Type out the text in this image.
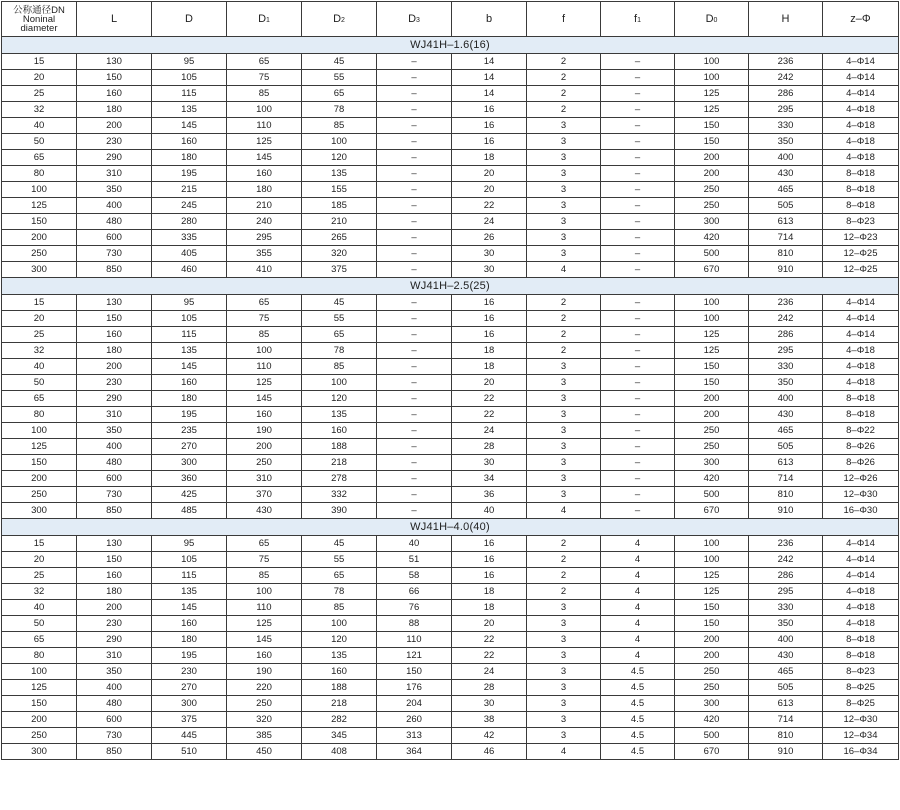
公称通径DN
Noninal
diameter	L	D	D1	D2	D3	b	f	f1	D0	H	z–Φ
WJ41H–1.6(16)											
15	130	95	65	45	–	14	2	–	100	236	4–Φ14
20	150	105	75	55	–	14	2	–	100	242	4–Φ14
25	160	115	85	65	–	14	2	–	125	286	4–Φ14
32	180	135	100	78	–	16	2	–	125	295	4–Φ18
40	200	145	110	85	–	16	3	–	150	330	4–Φ18
50	230	160	125	100	–	16	3	–	150	350	4–Φ18
65	290	180	145	120	–	18	3	–	200	400	4–Φ18
80	310	195	160	135	–	20	3	–	200	430	8–Φ18
100	350	215	180	155	–	20	3	–	250	465	8–Φ18
125	400	245	210	185	–	22	3	–	250	505	8–Φ18
150	480	280	240	210	–	24	3	–	300	613	8–Φ23
200	600	335	295	265	–	26	3	–	420	714	12–Φ23
250	730	405	355	320	–	30	3	–	500	810	12–Φ25
300	850	460	410	375	–	30	4	–	670	910	12–Φ25
WJ41H–2.5(25)											
15	130	95	65	45	–	16	2	–	100	236	4–Φ14
20	150	105	75	55	–	16	2	–	100	242	4–Φ14
25	160	115	85	65	–	16	2	–	125	286	4–Φ14
32	180	135	100	78	–	18	2	–	125	295	4–Φ18
40	200	145	110	85	–	18	3	–	150	330	4–Φ18
50	230	160	125	100	–	20	3	–	150	350	4–Φ18
65	290	180	145	120	–	22	3	–	200	400	8–Φ18
80	310	195	160	135	–	22	3	–	200	430	8–Φ18
100	350	235	190	160	–	24	3	–	250	465	8–Φ22
125	400	270	200	188	–	28	3	–	250	505	8–Φ26
150	480	300	250	218	–	30	3	–	300	613	8–Φ26
200	600	360	310	278	–	34	3	–	420	714	12–Φ26
250	730	425	370	332	–	36	3	–	500	810	12–Φ30
300	850	485	430	390	–	40	4	–	670	910	16–Φ30
WJ41H–4.0(40)											
15	130	95	65	45	40	16	2	4	100	236	4–Φ14
20	150	105	75	55	51	16	2	4	100	242	4–Φ14
25	160	115	85	65	58	16	2	4	125	286	4–Φ14
32	180	135	100	78	66	18	2	4	125	295	4–Φ18
40	200	145	110	85	76	18	3	4	150	330	4–Φ18
50	230	160	125	100	88	20	3	4	150	350	4–Φ18
65	290	180	145	120	110	22	3	4	200	400	8–Φ18
80	310	195	160	135	121	22	3	4	200	430	8–Φ18
100	350	230	190	160	150	24	3	4.5	250	465	8–Φ23
125	400	270	220	188	176	28	3	4.5	250	505	8–Φ25
150	480	300	250	218	204	30	3	4.5	300	613	8–Φ25
200	600	375	320	282	260	38	3	4.5	420	714	12–Φ30
250	730	445	385	345	313	42	3	4.5	500	810	12–Φ34
300	850	510	450	408	364	46	4	4.5	670	910	16–Φ34
